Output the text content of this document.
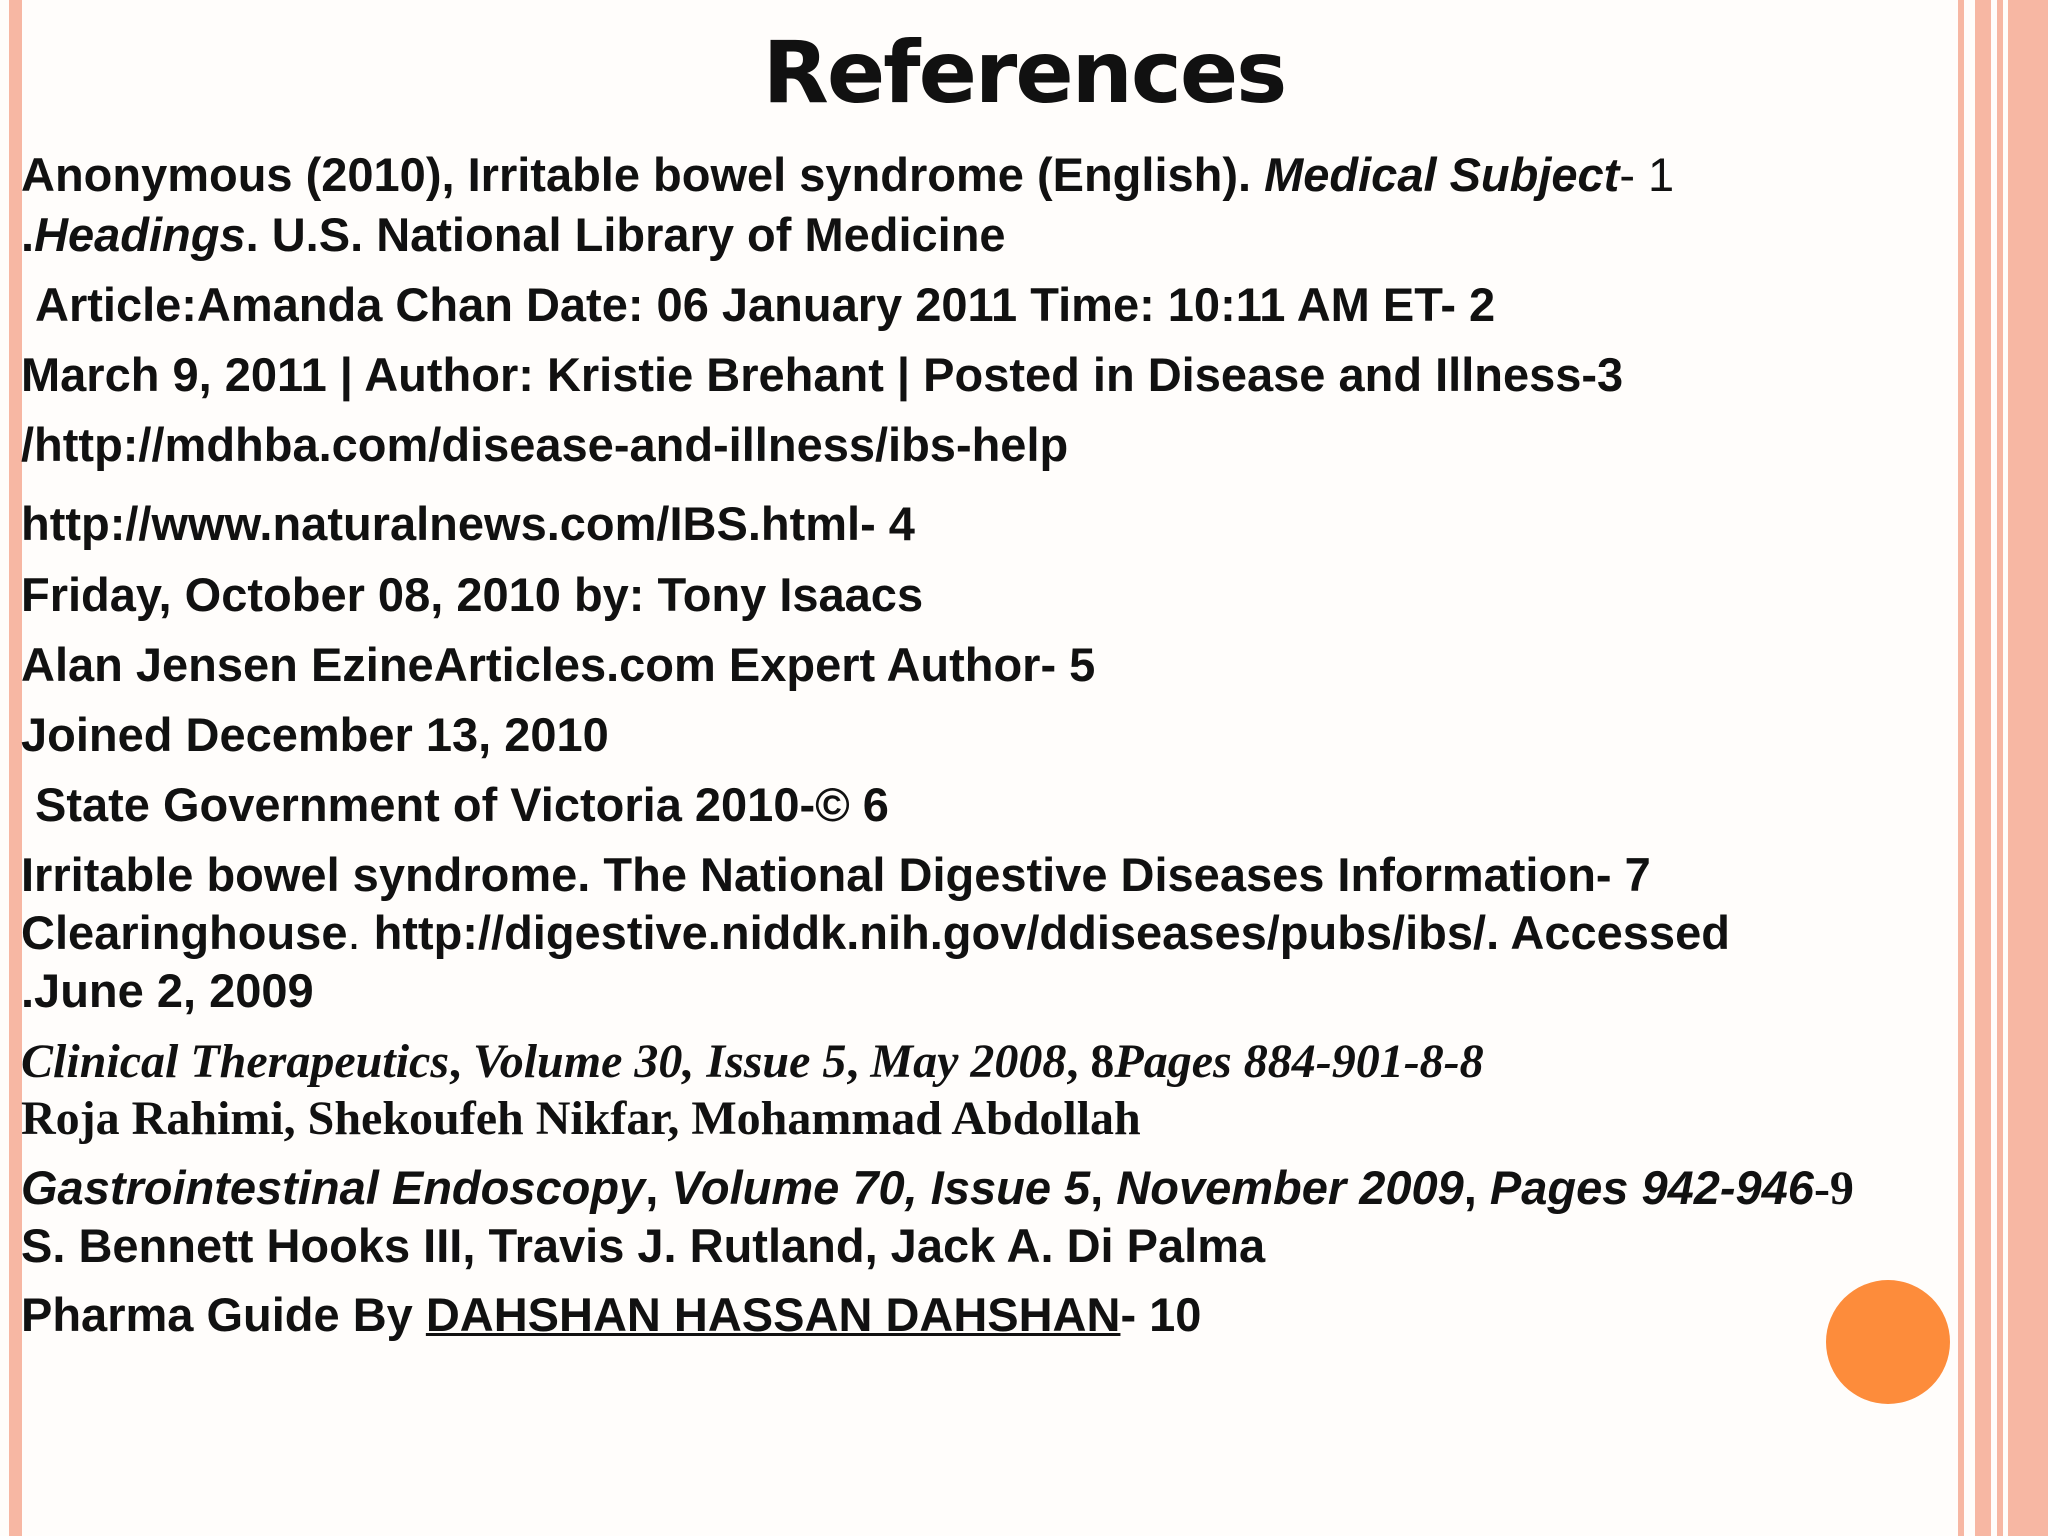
References
Anonymous (2010), Irritable bowel syndrome (English). Medical Subject- 1
.Headings. U.S. National Library of Medicine
Article:Amanda Chan Date: 06 January 2011 Time: 10:11 AM ET- 2
March 9, 2011 | Author: Kristie Brehant | Posted in Disease and Illness-3
/http://mdhba.com/disease-and-illness/ibs-help
http://www.naturalnews.com/IBS.html- 4
Friday, October 08, 2010 by: Tony Isaacs
Alan Jensen EzineArticles.com Expert Author- 5
Joined December 13, 2010
State Government of Victoria 2010-© 6
Irritable bowel syndrome. The National Digestive Diseases Information- 7
Clearinghouse. http://digestive.niddk.nih.gov/ddiseases/pubs/ibs/. Accessed
.June 2, 2009
Clinical Therapeutics, Volume 30, Issue 5, May 2008, 8Pages 884-901-8-8
Roja Rahimi, Shekoufeh Nikfar, Mohammad Abdollah
Gastrointestinal Endoscopy, Volume 70, Issue 5, November 2009, Pages 942-946-9
S. Bennett Hooks III, Travis J. Rutland, Jack A. Di Palma
Pharma Guide By DAHSHAN HASSAN DAHSHAN- 10
